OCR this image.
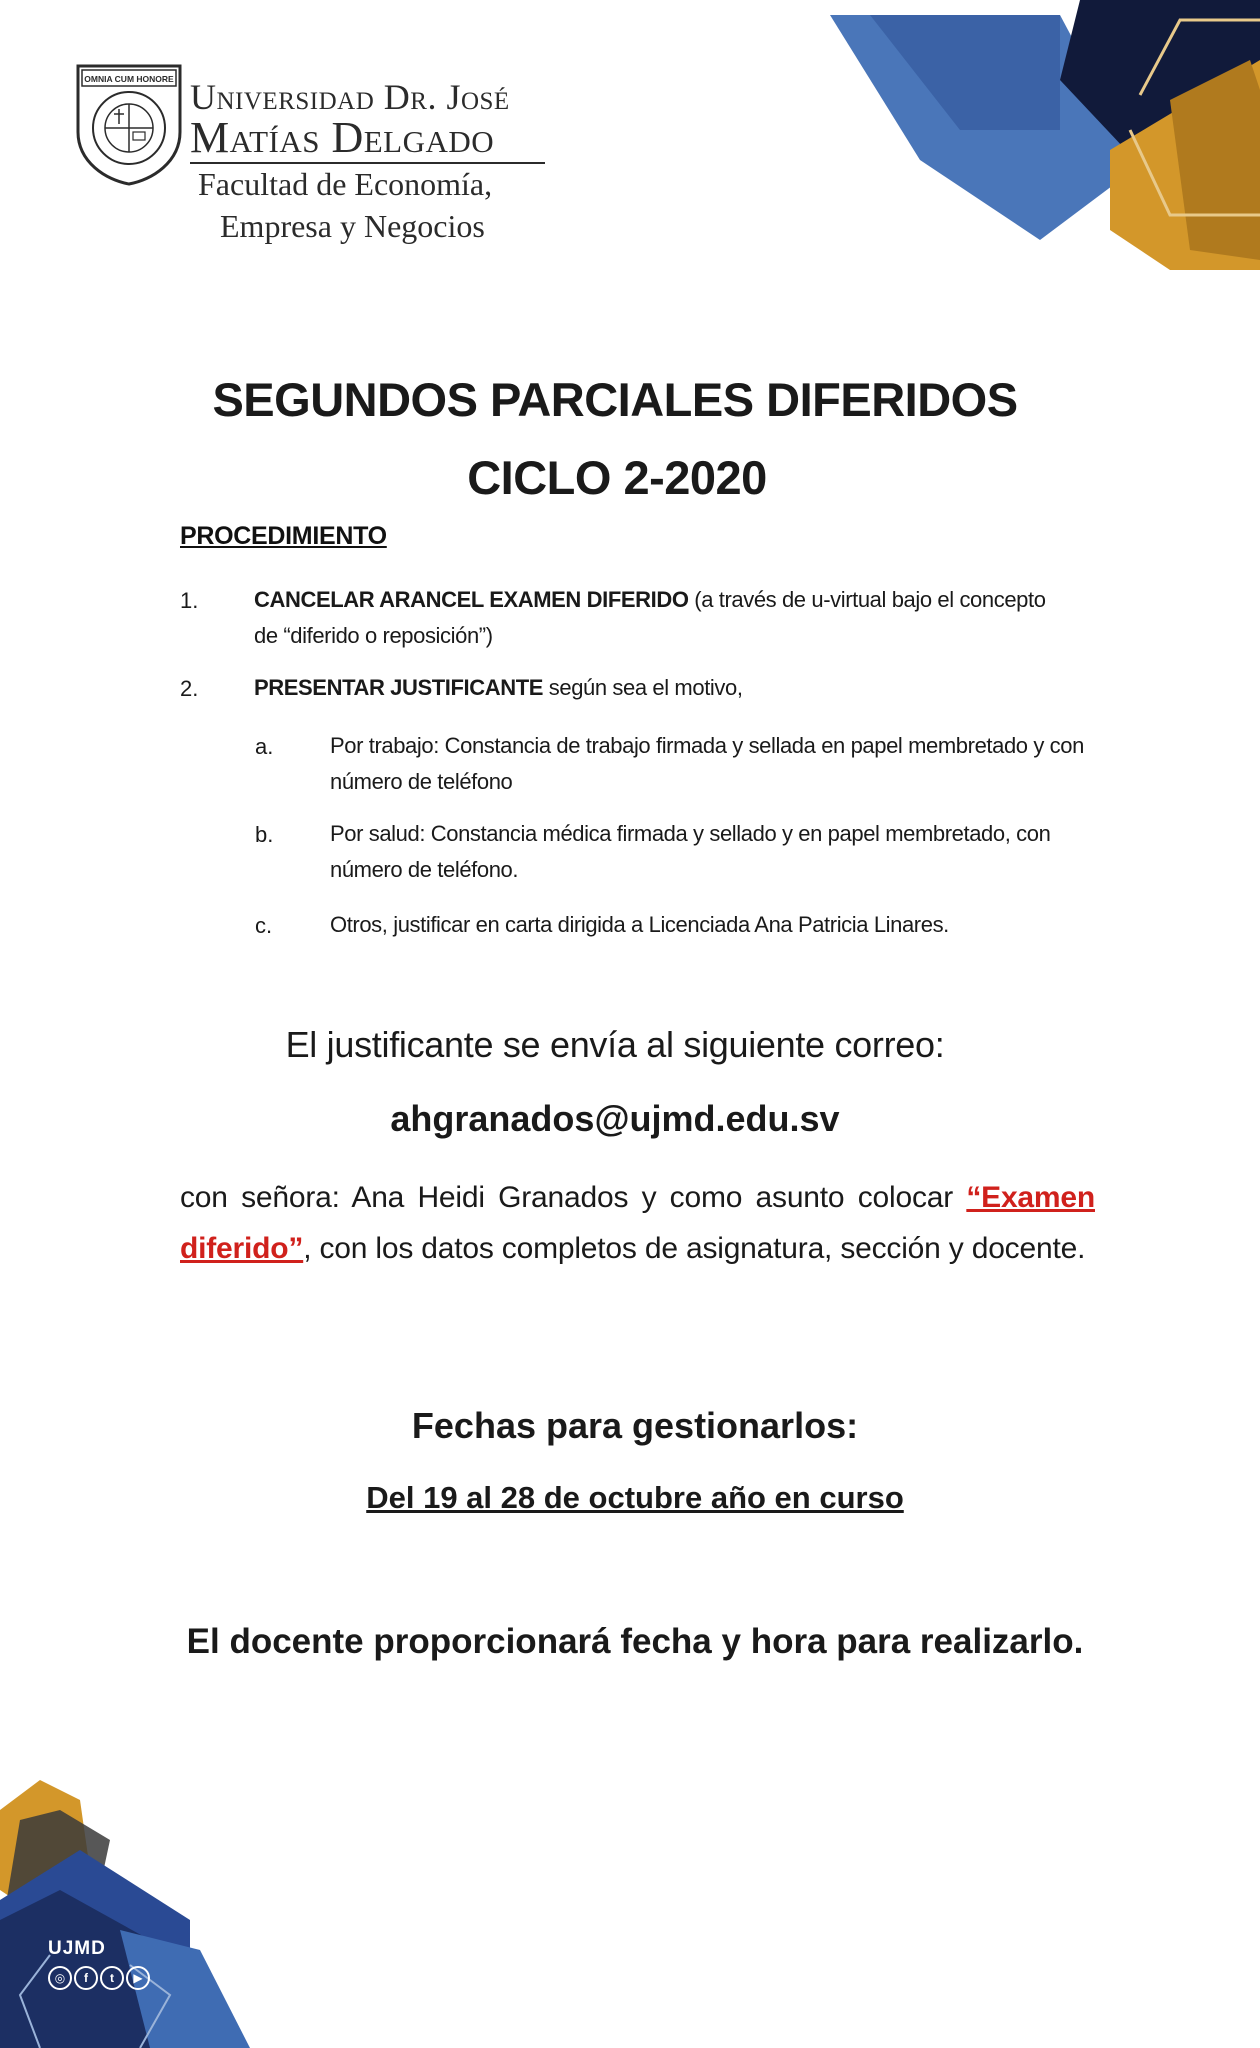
UJMD
◎	f	t	▶
OMNIA CUM HONORE Universidad Dr. José
Matías Delgado
Facultad de Economía,
Empresa y Negocios
SEGUNDOS PARCIALES DIFERIDOS
CICLO 2-2020
PROCEDIMIENTO
1.	CANCELAR ARANCEL EXAMEN DIFERIDO (a través de u-virtual bajo el concepto de “diferido o reposición”)
2.	PRESENTAR JUSTIFICANTE según sea el motivo,
a.	Por trabajo: Constancia de trabajo firmada y sellada en papel membretado y con número de teléfono
b.	Por salud: Constancia médica firmada y sellado y en papel membretado, con número de teléfono.
c.	Otros, justificar en carta dirigida a Licenciada Ana Patricia Linares.
El justificante se envía al siguiente correo:
ahgranados@ujmd.edu.sv
con señora: Ana Heidi Granados y como asunto colocar “Examen diferido”, con los datos completos de asignatura, sección y docente.
Fechas para gestionarlos:
Del 19 al 28 de octubre año en curso
El docente proporcionará fecha y hora para realizarlo.
